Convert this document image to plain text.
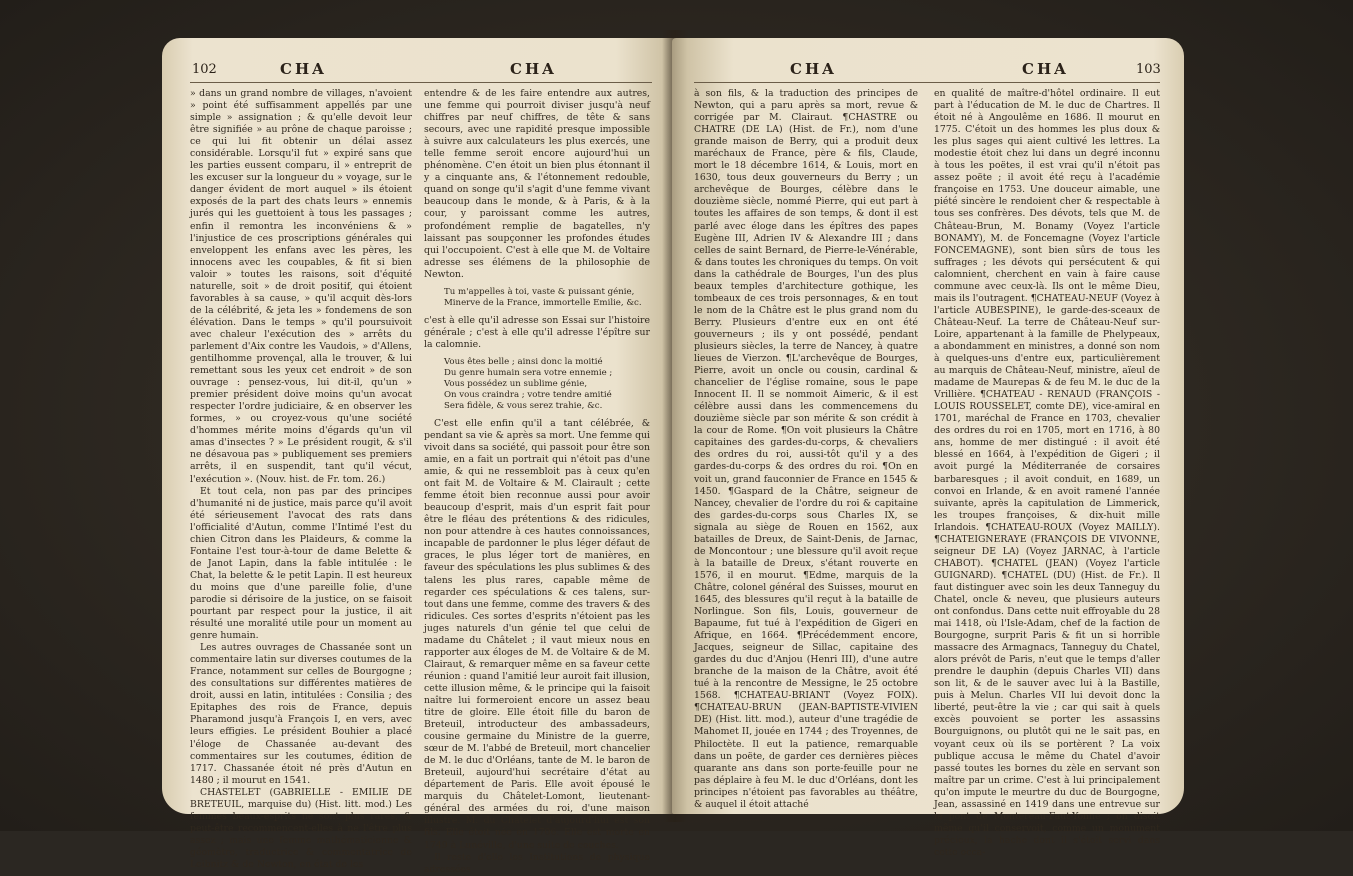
102	CHA	CHA

» dans un grand nombre de villages, n'avoient » point été suffisamment appellés par une simple » assignation ; & qu'elle devoit leur être signifiée » au prône de chaque paroisse ; ce qui lui fit obtenir un délai assez considérable. Lorsqu'il fut » expiré sans que les parties eussent comparu, il » entreprit de les excuser sur la longueur du » voyage, sur le danger évident de mort auquel » ils étoient exposés de la part des chats leurs » ennemis jurés qui les guettoient à tous les passages ; enfin il remontra les inconvéniens & » l'injustice de ces proscriptions générales qui enveloppent les enfans avec les pères, les innocens avec les coupables, & fit si bien valoir » toutes les raisons, soit d'équité naturelle, soit » de droit positif, qui étoient favorables à sa cause, » qu'il acquit dès-lors de la célébrité, & jeta les » fondemens de son élévation. Dans le temps » qu'il poursuivoit avec chaleur l'exécution des » arrêts du parlement d'Aix contre les Vaudois, » d'Allens, gentilhomme provençal, alla le trouver, & lui remettant sous les yeux cet endroit » de son ouvrage : pensez-vous, lui dit-il, qu'un » premier président doive moins qu'un avocat respecter l'ordre judiciaire, & en observer les formes, » ou croyez-vous qu'une société d'hommes mérite moins d'égards qu'un vil amas d'insectes ? » Le président rougit, & s'il ne désavoua pas » publiquement ses premiers arrêts, il en suspendit, tant qu'il vécut, l'exécution ». (Nouv. hist. de Fr. tom. 26.)

Et tout cela, non pas par des principes d'humanité ni de justice, mais parce qu'il avoit été sérieusement l'avocat des rats dans l'officialité d'Autun, comme l'Intimé l'est du chien Citron dans les Plaideurs, & comme la Fontaine l'est tour-à-tour de dame Belette & de Janot Lapin, dans la fable intitulée : le Chat, la belette & le petit Lapin. Il est heureux du moins que d'une pareille folie, d'une parodie si dérisoire de la justice, on se faisoit pourtant par respect pour la justice, il ait résulté une moralité utile pour un moment au genre humain.

Les autres ouvrages de Chassanée sont un commentaire latin sur diverses coutumes de la France, notamment sur celles de Bourgogne ; des consultations sur différentes matières de droit, aussi en latin, intitulées : Consilia ; des Epitaphes des rois de France, depuis Pharamond jusqu'à François I, en vers, avec leurs effigies. Le président Bouhier a placé l'éloge de Chassanée au-devant des commentaires sur les coutumes, édition de 1717. Chassanée étoit né près d'Autun en 1480 ; il mourut en 1541.

CHASTELET (GABRIELLE - EMILIE DE BRETEUIL, marquise du) (Hist. litt. mod.) Les femmes beaux-esprits ne sont plus rares, & peut-être recommencent-elles à ne l'être plus assez ; mais une femme mathématicienne & géomètre, traductrice & commentatrice de Leibnitz & de Newton, en état de les

entendre & de les faire entendre aux autres, une femme qui pourroit diviser jusqu'à neuf chiffres par neuf chiffres, de tête & sans secours, avec une rapidité presque impossible à suivre aux calculateurs les plus exercés, une telle femme seroit encore aujourd'hui un phénomène. C'en étoit un bien plus étonnant il y a cinquante ans, & l'étonnement redouble, quand on songe qu'il s'agit d'une femme vivant beaucoup dans le monde, & à Paris, & à la cour, y paroissant comme les autres, profondément remplie de bagatelles, n'y laissant pas soupçonner les profondes études qui l'occupoient. C'est à elle que M. de Voltaire adresse ses élémens de la philosophie de Newton.

Tu m'appelles à toi, vaste & puissant génie,
Minerve de la France, immortelle Emilie, &c.

c'est à elle qu'il adresse son Essai sur l'histoire générale ; c'est à elle qu'il adresse l'épître sur la calomnie.

Vous êtes belle ; ainsi donc la moitié
Du genre humain sera votre ennemie ;
Vous possédez un sublime génie,
On vous craindra ; votre tendre amitié
Sera fidèle, & vous serez trahie, &c.

C'est elle enfin qu'il a tant célébrée, & pendant sa vie & après sa mort. Une femme qui vivoit dans sa société, qui passoit pour être son amie, en a fait un portrait qui n'étoit pas d'une amie, & qui ne ressembloit pas à ceux qu'en ont fait M. de Voltaire & M. Clairault ; cette femme étoit bien reconnue aussi pour avoir beaucoup d'esprit, mais d'un esprit fait pour être le fléau des prétentions & des ridicules, non pour attendre à ces hautes connoissances, incapable de pardonner le plus léger défaut de graces, le plus léger tort de manières, en faveur des spéculations les plus sublimes & des talens les plus rares, capable même de regarder ces spéculations & ces talens, sur-tout dans une femme, comme des travers & des ridicules. Ces sortes d'esprits n'étoient pas les juges naturels d'un génie tel que celui de madame du Châtelet ; il vaut mieux nous en rapporter aux éloges de M. de Voltaire & de M. Clairaut, & remarquer même en sa faveur cette réunion : quand l'amitié leur auroit fait illusion, cette illusion même, & le principe qui la faisoit naître lui formeroient encore un assez beau titre de gloire. Elle étoit fille du baron de Breteuil, introducteur des ambassadeurs, cousine germaine du Ministre de la guerre, sœur de M. l'abbé de Breteuil, mort chancelier de M. le duc d'Orléans, tante de M. le baron de Breteuil, aujourd'hui secrétaire d'état au département de Paris. Elle avoit épousé le marquis du Châtelet-Lomont, lieutenant-général des armées du roi, d'une maison illustre. M. du Châtelet d'aujourd'hui est son fils. Elle étoit née en 1706. Elle est morte en 1749 à Lunéville, d'une suite de couches.

Il reste d'elle les Institutions de physique adressées

CHA	CHA	103

à son fils, & la traduction des principes de Newton, qui a paru après sa mort, revue & corrigée par M. Clairaut. ¶CHASTRE ou CHATRE (DE LA) (Hist. de Fr.), nom d'une grande maison de Berry, qui a produit deux maréchaux de France, père & fils, Claude, mort le 18 décembre 1614, & Louis, mort en 1630, tous deux gouverneurs du Berry ; un archevêque de Bourges, célèbre dans le douzième siècle, nommé Pierre, qui eut part à toutes les affaires de son temps, & dont il est parlé avec éloge dans les épîtres des papes Eugène III, Adrien IV & Alexandre III ; dans celles de saint Bernard, de Pierre-le-Vénérable, & dans toutes les chroniques du temps. On voit dans la cathédrale de Bourges, l'un des plus beaux temples d'architecture gothique, les tombeaux de ces trois personnages, & en tout le nom de la Châtre est le plus grand nom du Berry. Plusieurs d'entre eux en ont été gouverneurs ; ils y ont possédé, pendant plusieurs siècles, la terre de Nancey, à quatre lieues de Vierzon. ¶L'archevêque de Bourges, Pierre, avoit un oncle ou cousin, cardinal & chancelier de l'église romaine, sous le pape Innocent II. Il se nommoit Aimeric, & il est célèbre aussi dans les commencemens du douzième siècle par son mérite & son crédit à la cour de Rome. ¶On voit plusieurs la Châtre capitaines des gardes-du-corps, & chevaliers des ordres du roi, aussi-tôt qu'il y a des gardes-du-corps & des ordres du roi. ¶On en voit un, grand fauconnier de France en 1545 & 1450. ¶Gaspard de la Châtre, seigneur de Nancey, chevalier de l'ordre du roi & capitaine des gardes-du-corps sous Charles IX, se signala au siège de Rouen en 1562, aux batailles de Dreux, de Saint-Denis, de Jarnac, de Moncontour ; une blessure qu'il avoit reçue à la bataille de Dreux, s'étant rouverte en 1576, il en mourut. ¶Edme, marquis de la Châtre, colonel général des Suisses, mourut en 1645, des blessures qu'il reçut à la bataille de Norlingue. Son fils, Louis, gouverneur de Bapaume, fut tué à l'expédition de Gigeri en Afrique, en 1664. ¶Précédemment encore, Jacques, seigneur de Sillac, capitaine des gardes du duc d'Anjou (Henri III), d'une autre branche de la maison de la Châtre, avoit été tué à la rencontre de Messigne, le 25 octobre 1568. ¶CHATEAU-BRIANT (Voyez FOIX). ¶CHATEAU-BRUN (JEAN-BAPTISTE-VIVIEN DE) (Hist. litt. mod.), auteur d'une tragédie de Mahomet II, jouée en 1744 ; des Troyennes, de Philoctète. Il eut la patience, remarquable dans un poëte, de garder ces dernières pièces quarante ans dans son porte-feuille pour ne pas déplaire à feu M. le duc d'Orléans, dont les principes n'étoient pas favorables au théâtre, & auquel il étoit attaché

en qualité de maître-d'hôtel ordinaire. Il eut part à l'éducation de M. le duc de Chartres. Il étoit né à Angoulême en 1686. Il mourut en 1775. C'étoit un des hommes les plus doux & les plus sages qui aient cultivé les lettres. La modestie étoit chez lui dans un degré inconnu à tous les poëtes, il est vrai qu'il n'étoit pas assez poëte ; il avoit été reçu à l'académie françoise en 1753. Une douceur aimable, une piété sincère le rendoient cher & respectable à tous ses confrères. Des dévots, tels que M. de Château-Brun, M. Bonamy (Voyez l'article BONAMY), M. de Foncemagne (Voyez l'article FONCEMAGNE), sont bien sûrs de tous les suffrages ; les dévots qui persécutent & qui calomnient, cherchent en vain à faire cause commune avec ceux-là. Ils ont le même Dieu, mais ils l'outragent. ¶CHATEAU-NEUF (Voyez à l'article AUBESPINE), le garde-des-sceaux de Château-Neuf. La terre de Château-Neuf sur-Loire, appartenant à la famille de Phelypeaux, a abondamment en ministres, a donné son nom à quelques-uns d'entre eux, particulièrement au marquis de Château-Neuf, ministre, aïeul de madame de Maurepas & de feu M. le duc de la Vrillière. ¶CHATEAU - RENAUD (FRANÇOIS - LOUIS ROUSSELET, comte DE), vice-amiral en 1701, maréchal de France en 1703, chevalier des ordres du roi en 1705, mort en 1716, à 80 ans, homme de mer distingué : il avoit été blessé en 1664, à l'expédition de Gigeri ; il avoit purgé la Méditerranée de corsaires barbaresques ; il avoit conduit, en 1689, un convoi en Irlande, & en avoit ramené l'année suivante, après la capitulation de Limmerick, les troupes françoises, & dix-huit mille Irlandois. ¶CHATEAU-ROUX (Voyez MAILLY). ¶CHATEIGNERAYE (FRANÇOIS DE VIVONNE, seigneur DE LA) (Voyez JARNAC, à l'article CHABOT). ¶CHATEL (JEAN) (Voyez l'article GUIGNARD). ¶CHATEL (DU) (Hist. de Fr.). Il faut distinguer avec soin les deux Tanneguy du Chatel, oncle & neveu, que plusieurs auteurs ont confondus. Dans cette nuit effroyable du 28 mai 1418, où l'Isle-Adam, chef de la faction de Bourgogne, surprit Paris & fit un si horrible massacre des Armagnacs, Tanneguy du Chatel, alors prévôt de Paris, n'eut que le temps d'aller prendre le dauphin (depuis Charles VII) dans son lit, & de le sauver avec lui à la Bastille, puis à Melun. Charles VII lui devoit donc la liberté, peut-être la vie ; car qui sait à quels excès pouvoient se porter les assassins Bourguignons, ou plutôt qui ne le sait pas, en voyant ceux où ils se portèrent ? La voix publique accusa le même du Chatel d'avoir passé toutes les bornes du zèle en servant son maître par un crime. C'est à lui principalement qu'on impute le meurtre du duc de Bourgogne, Jean, assassiné en 1419 dans une entrevue sur le pont de Montereau-Faut-Yonne ; on disoit même qu'il conservoit, comme un monument précieux, la hache dont il s'étoit servi dans cette occa-
